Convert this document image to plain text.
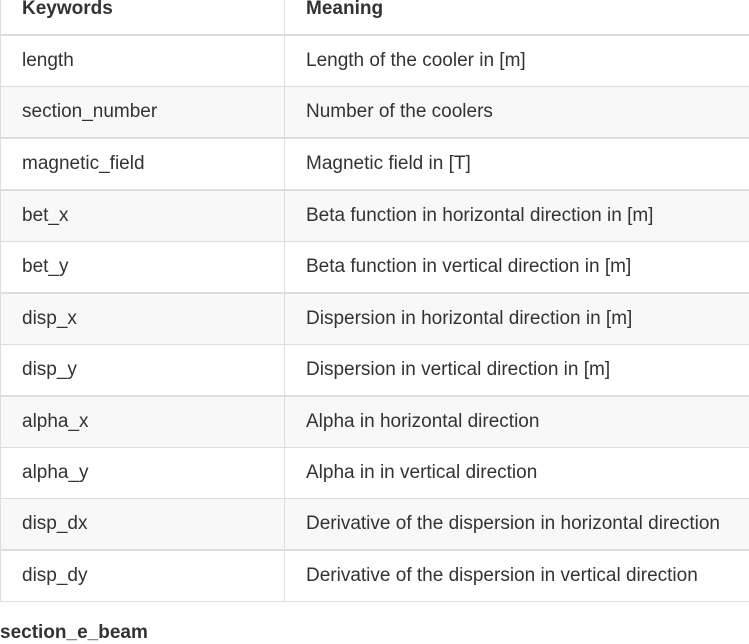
Keywords	Meaning
length	Length of the cooler in [m]
section_number	Number of the coolers
magnetic_field	Magnetic field in [T]
bet_x	Beta function in horizontal direction in [m]
bet_y	Beta function in vertical direction in [m]
disp_x	Dispersion in horizontal direction in [m]
disp_y	Dispersion in vertical direction in [m]
alpha_x	Alpha in horizontal direction
alpha_y	Alpha in in vertical direction
disp_dx	Derivative of the dispersion in horizontal direction
disp_dy	Derivative of the dispersion in vertical direction
section_e_beam
